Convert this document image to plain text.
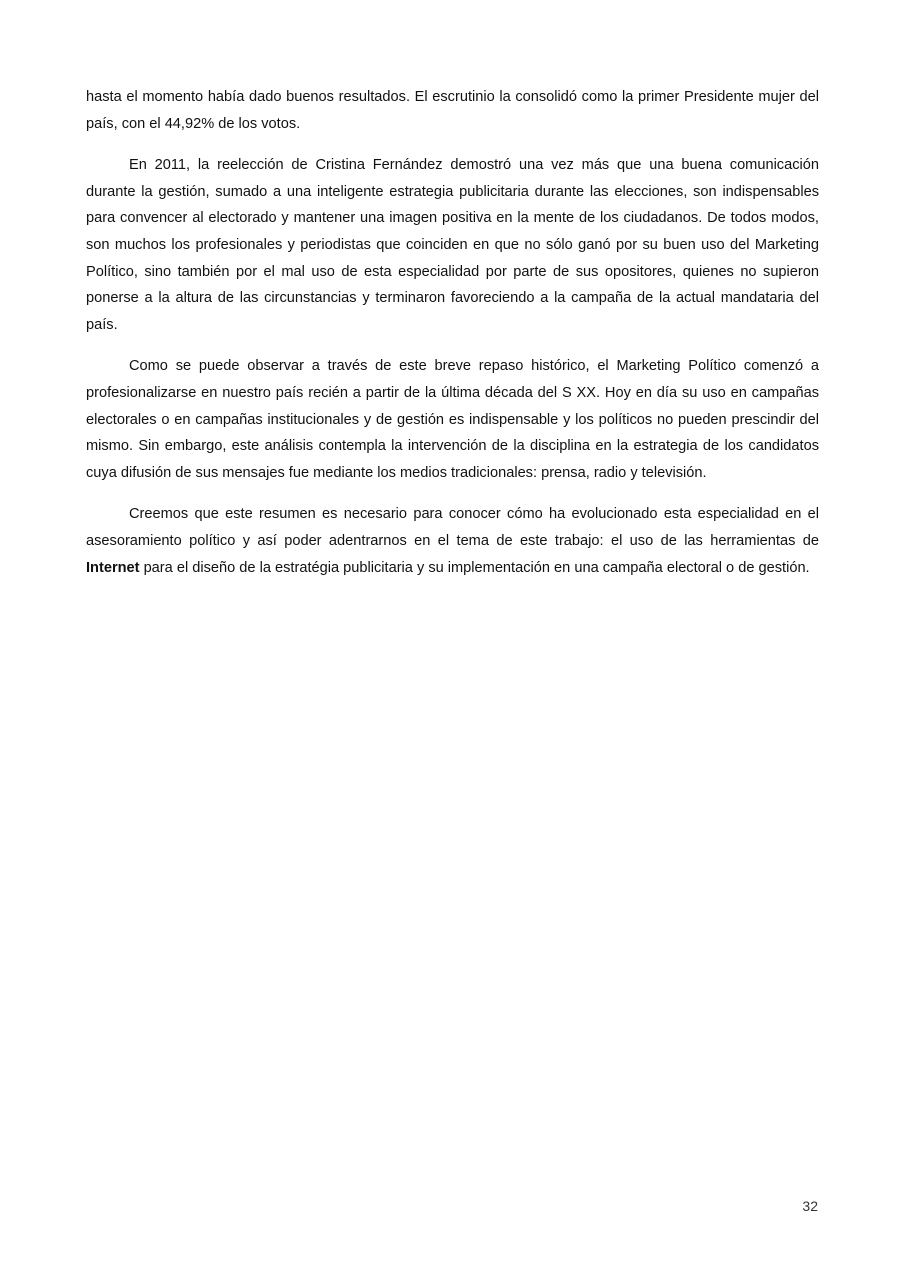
hasta el momento había dado buenos resultados. El escrutinio la consolidó como la primer Presidente mujer del país, con el 44,92% de los votos.

En 2011, la reelección de Cristina Fernández demostró una vez más que una buena comunicación durante la gestión, sumado a una inteligente estrategia publicitaria durante las elecciones, son indispensables para convencer al electorado y mantener una imagen positiva en la mente de los ciudadanos. De todos modos, son muchos los profesionales y periodistas que coinciden en que no sólo ganó por su buen uso del Marketing Político, sino también por el mal uso de esta especialidad por parte de sus opositores, quienes no supieron ponerse a la altura de las circunstancias y terminaron favoreciendo a la campaña de la actual mandataria del país.

Como se puede observar a través de este breve repaso histórico, el Marketing Político comenzó a profesionalizarse en nuestro país recién a partir de la última década del S XX. Hoy en día su uso en campañas electorales o en campañas institucionales y de gestión es indispensable y los políticos no pueden prescindir del mismo. Sin embargo, este análisis contempla la intervención de la disciplina en la estrategia de los candidatos cuya difusión de sus mensajes fue mediante los medios tradicionales: prensa, radio y televisión.

Creemos que este resumen es necesario para conocer cómo ha evolucionado esta especialidad en el asesoramiento político y así poder adentrarnos en el tema de este trabajo: el uso de las herramientas de Internet para el diseño de la estratégia publicitaria y su implementación en una campaña electoral o de gestión.

32
